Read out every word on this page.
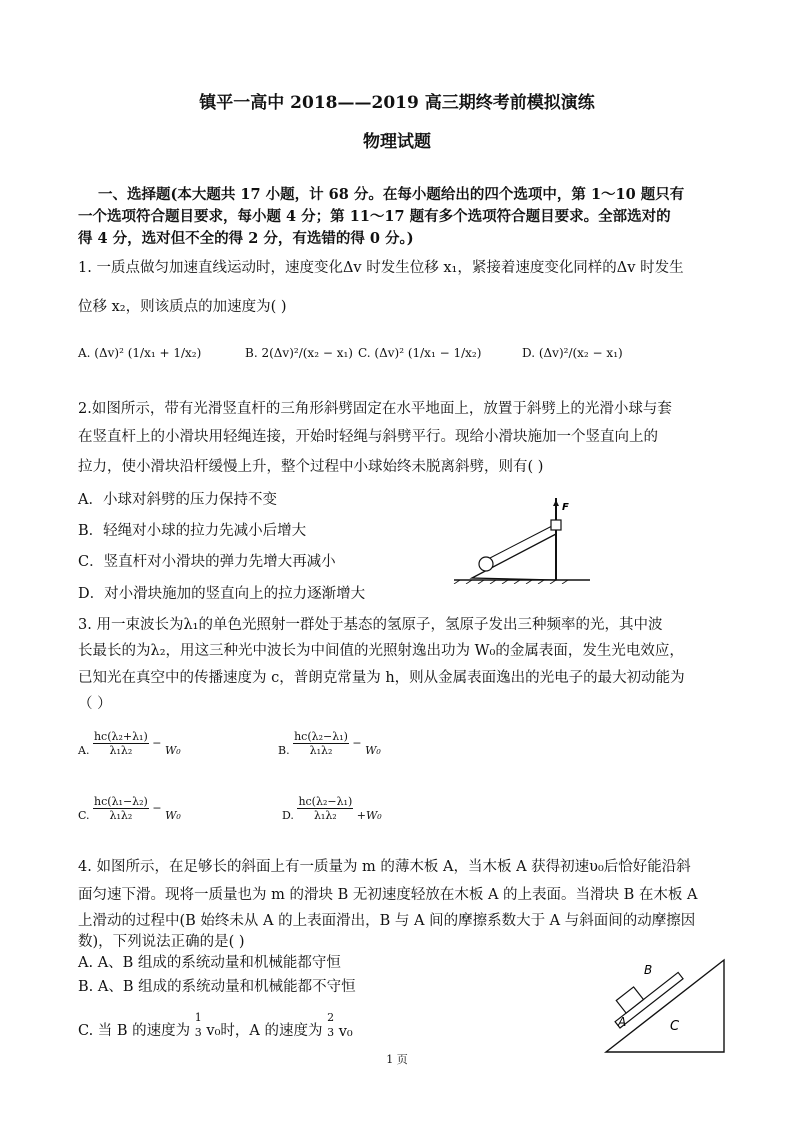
镇平一高中 2018——2019 高三期终考前模拟演练
物理试题
一、选择题(本大题共 17 小题，计 68 分。在每小题给出的四个选项中，第 1～10 题只有
一个选项符合题目要求，每小题 4 分；第 11～17 题有多个选项符合题目要求。全部选对的
得 4 分，选对但不全的得 2 分，有选错的得 0 分。)
1. 一质点做匀加速直线运动时，速度变化Δv 时发生位移 x₁，紧接着速度变化同样的Δv 时发生
位移 x₂，则该质点的加速度为( )
A. (Δv)² (1/x₁ + 1/x₂)	B. 2(Δv)²/(x₂ − x₁) C. (Δv)² (1/x₁ − 1/x₂)	D. (Δv)²/(x₂ − x₁)
2.如图所示，带有光滑竖直杆的三角形斜劈固定在水平地面上，放置于斜劈上的光滑小球与套
在竖直杆上的小滑块用轻绳连接，开始时轻绳与斜劈平行。现给小滑块施加一个竖直向上的
拉力，使小滑块沿杆缓慢上升，整个过程中小球始终未脱离斜劈，则有( )
A．小球对斜劈的压力保持不变
B．轻绳对小球的拉力先减小后增大
C．竖直杆对小滑块的弹力先增大再减小
D．对小滑块施加的竖直向上的拉力逐渐增大
F
3. 用一束波长为λ₁的单色光照射一群处于基态的氢原子，氢原子发出三种频率的光，其中波
长最长的为λ₂，用这三种光中波长为中间值的光照射逸出功为 W₀的金属表面，发生光电效应，
已知光在真空中的传播速度为 c，普朗克常量为 h，则从金属表面逸出的光电子的最大初动能为
（ ）
A. $\frac{\text{hc(λ₂+λ₁)}}{\text{λ₁λ₂}} - W_0$	B. $\frac{\text{hc(λ₂−λ₁)}}{\text{λ₁λ₂}} - W_0$
C. $\frac{\text{hc(λ₁−λ₂)}}{\text{λ₁λ₂}} - W_0$	D. $\frac{\text{hc(λ₂−λ₁)}}{\text{λ₁λ₂}} +W_0$
4. 如图所示，在足够长的斜面上有一质量为 m 的薄木板 A，当木板 A 获得初速υ₀后恰好能沿斜
面匀速下滑。现将一质量也为 m 的滑块 B 无初速度轻放在木板 A 的上表面。当滑块 B 在木板 A
上滑动的过程中(B 始终未从 A 的上表面滑出，B 与 A 间的摩擦系数大于 A 与斜面间的动摩擦因
数)，下列说法正确的是( )
A. A、B 组成的系统动量和机械能都守恒
B. A、B 组成的系统动量和机械能都不守恒
C. 当 B 的速度为
1
3 v₀时，A 的速度为
2
3 v₀
B
A	C
1 页
